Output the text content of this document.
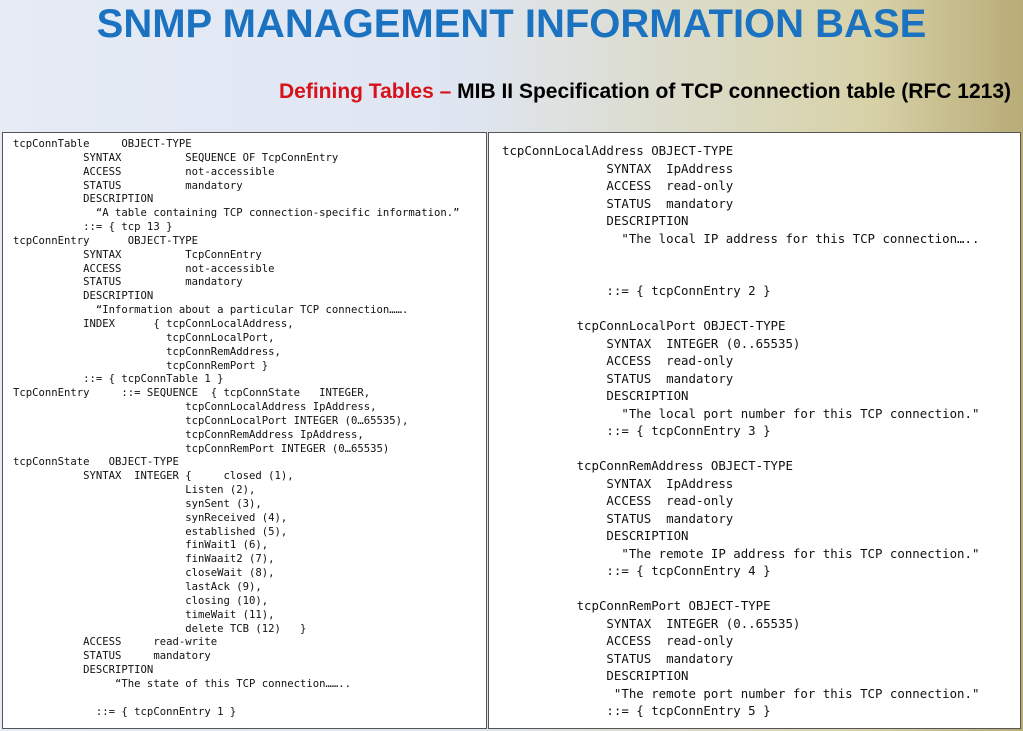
SNMP MANAGEMENT INFORMATION BASE
Defining Tables – MIB II Specification of TCP connection table (RFC 1213)
tcpConnTable     OBJECT-TYPE
SYNTAX          SEQUENCE OF TcpConnEntry
ACCESS          not-accessible
STATUS          mandatory
DESCRIPTION
“A table containing TCP connection-specific information.”
::= { tcp 13 }
tcpConnEntry      OBJECT-TYPE
SYNTAX          TcpConnEntry
ACCESS          not-accessible
STATUS          mandatory
DESCRIPTION
“Information about a particular TCP connection…….
INDEX      { tcpConnLocalAddress,
tcpConnLocalPort,
tcpConnRemAddress,
tcpConnRemPort }
::= { tcpConnTable 1 }
TcpConnEntry     ::= SEQUENCE  { tcpConnState   INTEGER,
tcpConnLocalAddress IpAddress,
tcpConnLocalPort INTEGER (0…65535),
tcpConnRemAddress IpAddress,
tcpConnRemPort INTEGER (0…65535)
tcpConnState   OBJECT-TYPE
SYNTAX  INTEGER {     closed (1),
Listen (2),
synSent (3),
synReceived (4),
established (5),
finWait1 (6),
finWaait2 (7),
closeWait (8),
lastAck (9),
closing (10),
timeWait (11),
delete TCB (12)   }
ACCESS     read-write
STATUS     mandatory
DESCRIPTION
“The state of this TCP connection……..

::= { tcpConnEntry 1 }
tcpConnLocalAddress OBJECT-TYPE
SYNTAX  IpAddress
ACCESS  read-only
STATUS  mandatory
DESCRIPTION
"The local IP address for this TCP connection…..

::= { tcpConnEntry 2 }

tcpConnLocalPort OBJECT-TYPE
SYNTAX  INTEGER (0..65535)
ACCESS  read-only
STATUS  mandatory
DESCRIPTION
"The local port number for this TCP connection."
::= { tcpConnEntry 3 }

tcpConnRemAddress OBJECT-TYPE
SYNTAX  IpAddress
ACCESS  read-only
STATUS  mandatory
DESCRIPTION
"The remote IP address for this TCP connection."
::= { tcpConnEntry 4 }

tcpConnRemPort OBJECT-TYPE
SYNTAX  INTEGER (0..65535)
ACCESS  read-only
STATUS  mandatory
DESCRIPTION
"The remote port number for this TCP connection."
::= { tcpConnEntry 5 }
